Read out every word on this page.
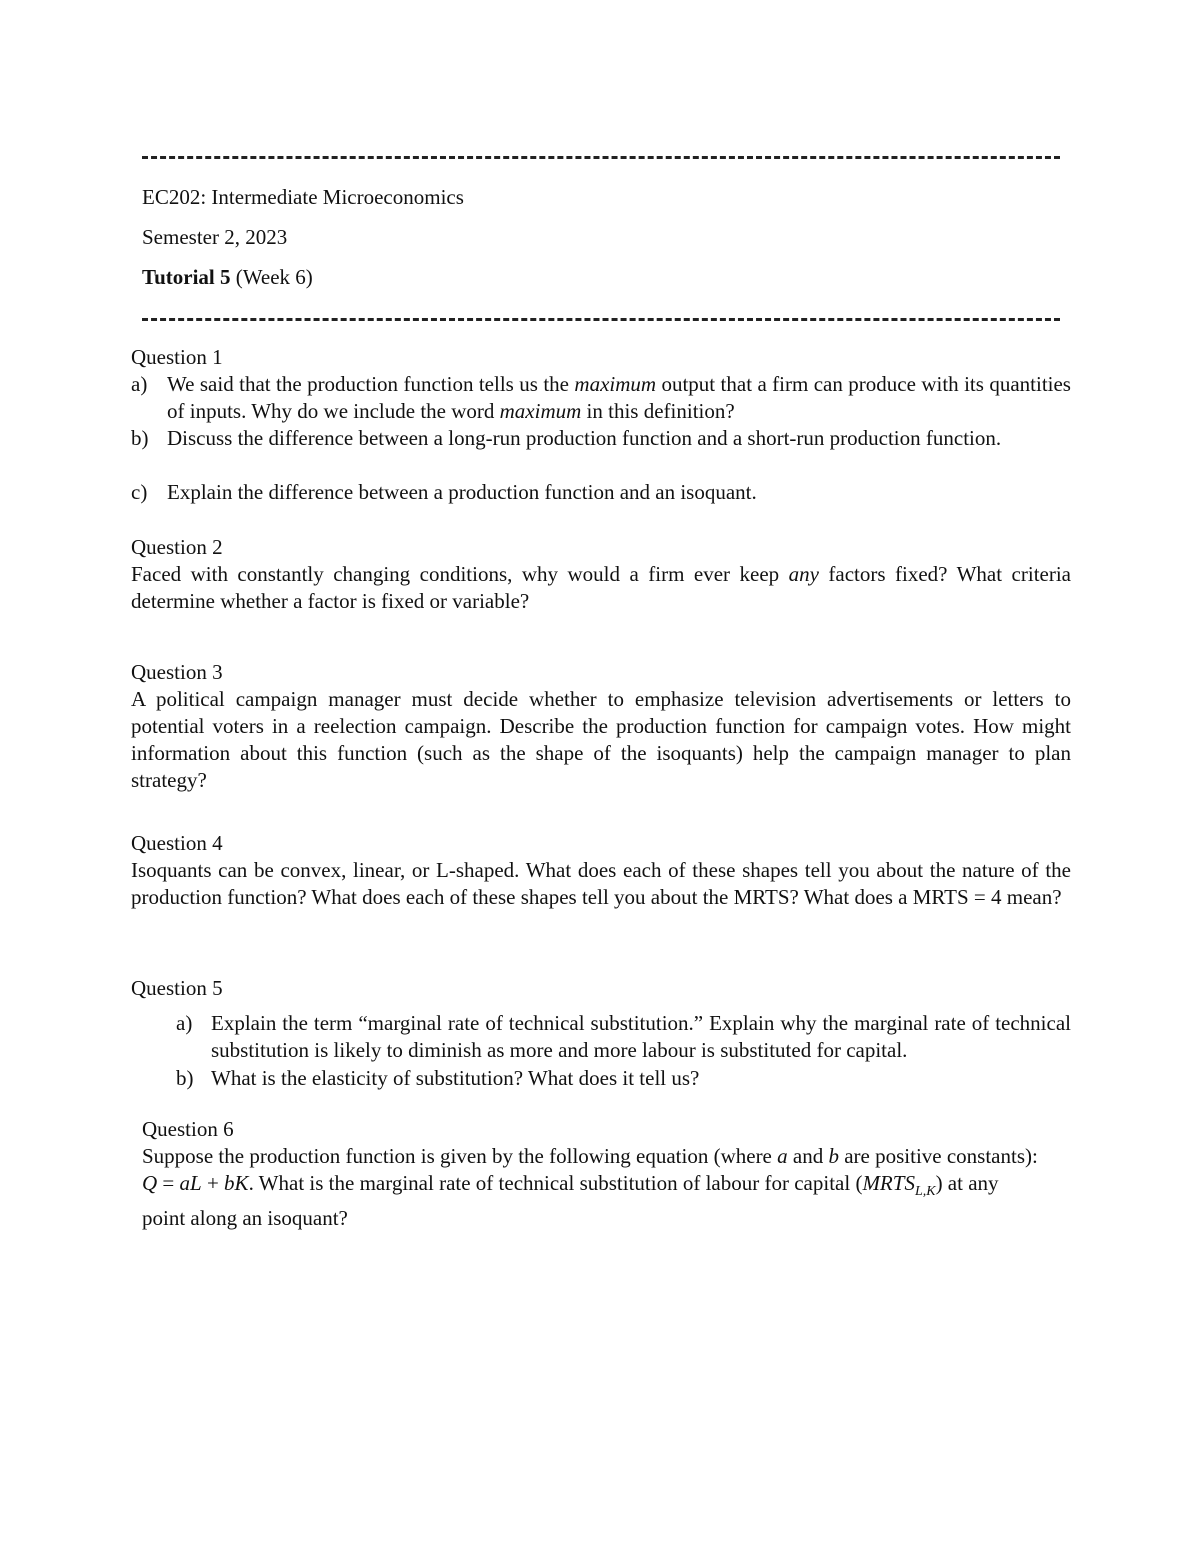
EC202: Intermediate Microeconomics
Semester 2, 2023
Tutorial 5 (Week 6)
Question 1
a) We said that the production function tells us the maximum output that a firm can produce with its quantities of inputs. Why do we include the word maximum in this definition?
b) Discuss the difference between a long-run production function and a short-run production function.
c) Explain the difference between a production function and an isoquant.
Question 2
Faced with constantly changing conditions, why would a firm ever keep any factors fixed? What criteria determine whether a factor is fixed or variable?
Question 3
A political campaign manager must decide whether to emphasize television advertisements or letters to potential voters in a reelection campaign. Describe the production function for campaign votes. How might information about this function (such as the shape of the isoquants) help the campaign manager to plan strategy?
Question 4
Isoquants can be convex, linear, or L-shaped. What does each of these shapes tell you about the nature of the production function? What does each of these shapes tell you about the MRTS? What does a MRTS = 4 mean?
Question 5
a) Explain the term “marginal rate of technical substitution.” Explain why the marginal rate of technical substitution is likely to diminish as more and more labour is substituted for capital.
b) What is the elasticity of substitution? What does it tell us?
Question 6
Suppose the production function is given by the following equation (where a and b are positive constants): Q = aL + bK. What is the marginal rate of technical substitution of labour for capital $(MRTS_{L,K})$ at any point along an isoquant?
